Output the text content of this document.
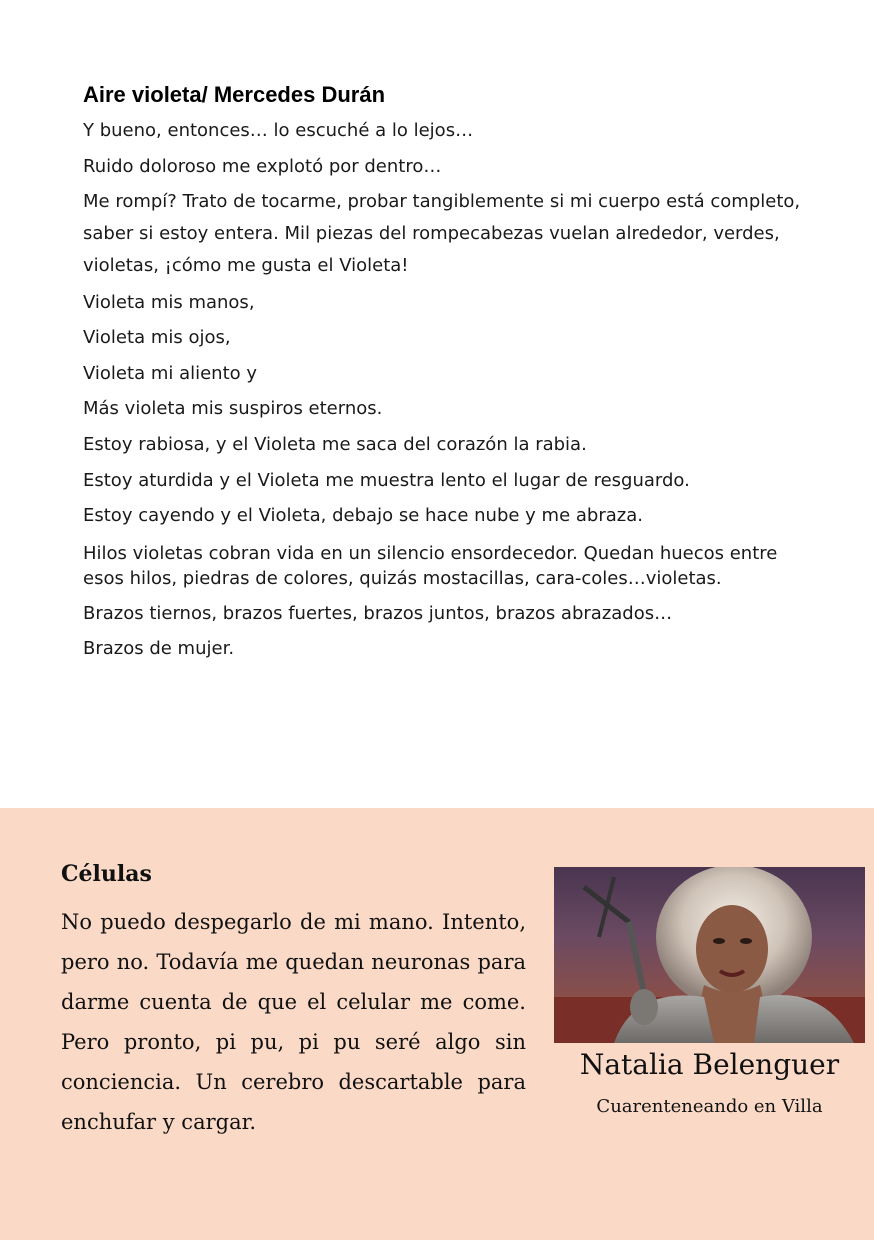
Aire violeta/ Mercedes Durán

Y bueno, entonces… lo escuché a lo lejos…

Ruido doloroso me explotó por dentro…

Me rompí? Trato de tocarme, probar tangiblemente si mi cuerpo está completo, saber si estoy entera. Mil piezas del rompecabezas vuelan alrededor, verdes, violetas, ¡cómo me gusta el Violeta!

Violeta mis manos,

Violeta mis ojos,

Violeta mi aliento y

Más violeta mis suspiros eternos.

Estoy rabiosa, y el Violeta me saca del corazón la rabia.

Estoy aturdida y el Violeta me muestra lento el lugar de resguardo.

Estoy cayendo y el Violeta, debajo se hace nube y me abraza.

Hilos violetas cobran vida en un silencio ensordecedor. Quedan huecos entre esos hilos, piedras de colores, quizás mostacillas, cara-coles…violetas.

Brazos tiernos, brazos fuertes, brazos juntos, brazos abrazados…

Brazos de mujer.

Células

No puedo despegarlo de mi mano. Intento, pero no. Todavía me quedan neuronas para darme cuenta de que el celular me come. Pero pronto, pi pu, pi pu seré algo sin conciencia. Un cerebro descartable para enchufar y cargar.

Natalia Belenguer

Cuarenteneando en Villa
